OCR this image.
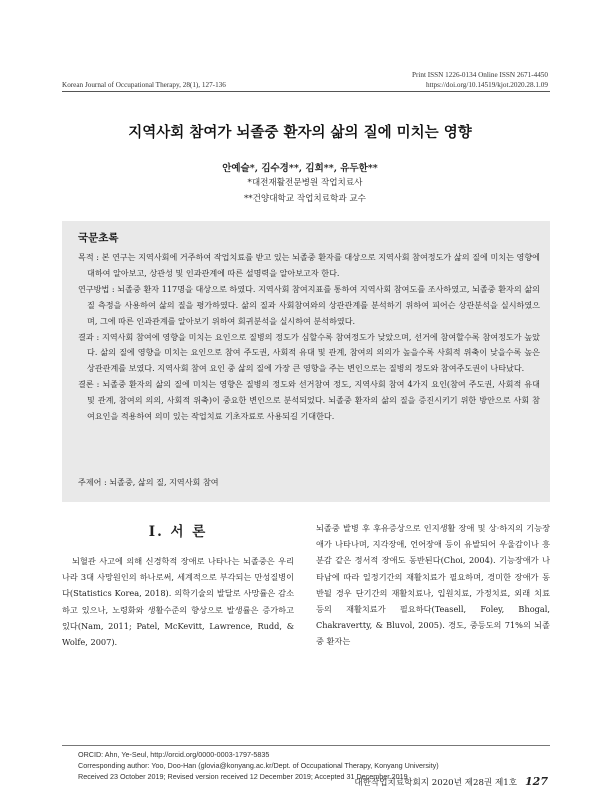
Print ISSN 1226-0134 Online ISSN 2671-4450
Korean Journal of Occupational Therapy, 28(1), 127-136	https://doi.org/10.14519/kjot.2020.28.1.09
지역사회 참여가 뇌졸중 환자의 삶의 질에 미치는 영향
안예슬*, 김수경**, 김희**, 유두한**
*대전재활전문병원 작업치료사
**건양대학교 작업치료학과 교수
국문초록

목적 : 본 연구는 지역사회에 거주하여 작업치료를 받고 있는 뇌졸중 환자를 대상으로 지역사회 참여정도가 삶의 질에 미치는 영향에 대하여 알아보고, 상관성 및 인과관계에 따른 설명력을 알아보고자 한다.

연구방법 : 뇌졸중 환자 117명을 대상으로 하였다. 지역사회 참여지표를 통하여 지역사회 참여도를 조사하였고, 뇌졸중 환자의 삶의 질 측정을 사용하여 삶의 질을 평가하였다. 삶의 질과 사회참여와의 상관관계를 분석하기 위하여 피어슨 상관분석을 실시하였으며, 그에 따른 인과관계를 알아보기 위하여 회귀분석을 실시하여 분석하였다.

결과 : 지역사회 참여에 영향을 미치는 요인으로 질병의 정도가 심할수록 참여정도가 낮았으며, 선거에 참여할수록 참여정도가 높았다. 삶의 질에 영향을 미치는 요인으로 참여 주도권, 사회적 유대 및 관계, 참여의 의의가 높을수록 사회적 위축이 낮을수록 높은 상관관계를 보였다. 지역사회 참여 요인 중 삶의 질에 가장 큰 영향을 주는 변인으로는 질병의 정도와 참여주도권이 나타났다.

결론 : 뇌졸중 환자의 삶의 질에 미치는 영향은 질병의 정도와 선거참여 정도, 지역사회 참여 4가지 요인(참여 주도권, 사회적 유대 및 관계, 참여의 의의, 사회적 위축)이 중요한 변인으로 분석되었다. 뇌졸중 환자의 삶의 질을 증진시키기 위한 방안으로 사회 참여요인을 적용하여 의미 있는 작업치료 기초자료로 사용되길 기대한다.

주제어 : 뇌졸중, 삶의 질, 지역사회 참여
I. 서 론

뇌혈관 사고에 의해 신경학적 장애로 나타나는 뇌졸중은 우리나라 3대 사망원인의 하나로써, 세계적으로 부각되는 만성질병이다(Statistics Korea, 2018). 의학기술의 발달로 사망률은 감소하고 있으나, 노령화와 생활수준의 향상으로 발생률은 증가하고 있다(Nam, 2011; Patel, McKevitt, Lawrence, Rudd, & Wolfe, 2007).

뇌졸중 발병 후 후유증상으로 인지생활 장애 및 상·하지의 기능장애가 나타나며, 지각장애, 언어장애 등이 유발되어 우울감이나 흥분감 같은 정서적 장애도 동반된다(Choi, 2004). 기능장애가 나타남에 따라 일정기간의 재활치료가 필요하며, 경미한 장애가 동반될 경우 단기간의 재활치료나, 입원치료, 가정치료, 외래 치료 등의 재활치료가 필요하다(Teasell, Foley, Bhogal, Chakravertty, & Bluvol, 2005). 경도, 중등도의 71%의 뇌졸중 환자는

ORCID: Ahn, Ye-Seul, http://orcid.org/0000-0003-1797-5835
Corresponding author: Yoo, Doo-Han (glovia@konyang.ac.kr/Dept. of Occupational Therapy, Konyang University)
Received 23 October 2019; Revised version received 12 December 2019; Accepted 31 December 2019
대한작업치료학회지 2020년 제28권 제1호 127
